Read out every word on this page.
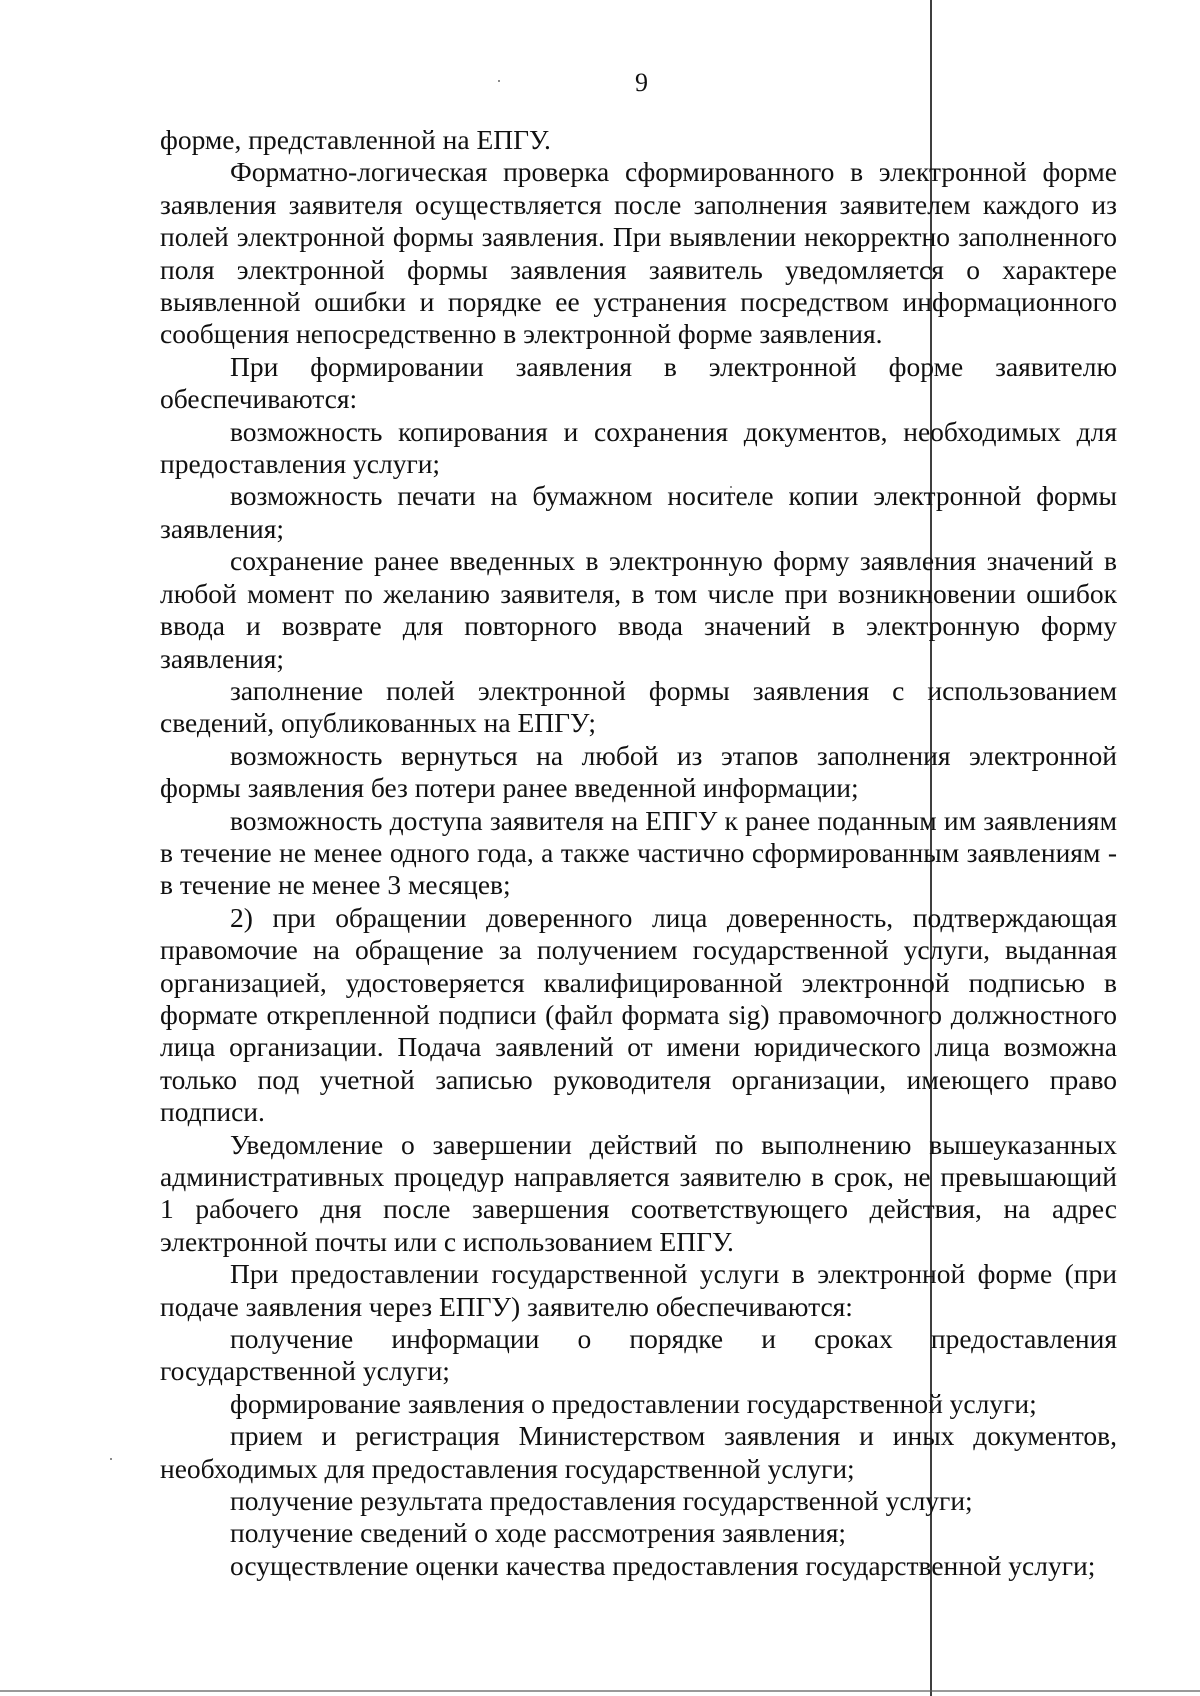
9

форме, представленной на ЕПГУ.

Форматно-логическая проверка сформированного в электронной форме заявления заявителя осуществляется после заполнения заявителем каждого из полей электронной формы заявления. При выявлении некорректно заполненного поля электронной формы заявления заявитель уведомляется о характере выявленной ошибки и порядке ее устранения посредством информационного сообщения непосредственно в электронной форме заявления.

При формировании заявления в электронной форме заявителю обеспечиваются:

возможность копирования и сохранения документов, необходимых для предоставления услуги;

возможность печати на бумажном носителе копии электронной формы заявления;

сохранение ранее введенных в электронную форму заявления значений в любой момент по желанию заявителя, в том числе при возникновении ошибок ввода и возврате для повторного ввода значений в электронную форму заявления;

заполнение полей электронной формы заявления с использованием сведений, опубликованных на ЕПГУ;

возможность вернуться на любой из этапов заполнения электронной формы заявления без потери ранее введенной информации;

возможность доступа заявителя на ЕПГУ к ранее поданным им заявлениям в течение не менее одного года, а также частично сформированным заявлениям - в течение не менее 3 месяцев;

2) при обращении доверенного лица доверенность, подтверждающая правомочие на обращение за получением государственной услуги, выданная организацией, удостоверяется квалифицированной электронной подписью в формате открепленной подписи (файл формата sig) правомочного должностного лица организации. Подача заявлений от имени юридического лица возможна только под учетной записью руководителя организации, имеющего право подписи.

Уведомление о завершении действий по выполнению вышеуказанных административных процедур направляется заявителю в срок, не превышающий 1 рабочего дня после завершения соответствующего действия, на адрес электронной почты или с использованием ЕПГУ.

При предоставлении государственной услуги в электронной форме (при подаче заявления через ЕПГУ) заявителю обеспечиваются:

получение информации о порядке и сроках предоставления государственной услуги;

формирование заявления о предоставлении государственной услуги;

прием и регистрация Министерством заявления и иных документов, необходимых для предоставления государственной услуги;

получение результата предоставления государственной услуги;

получение сведений о ходе рассмотрения заявления;

осуществление оценки качества предоставления государственной услуги;
